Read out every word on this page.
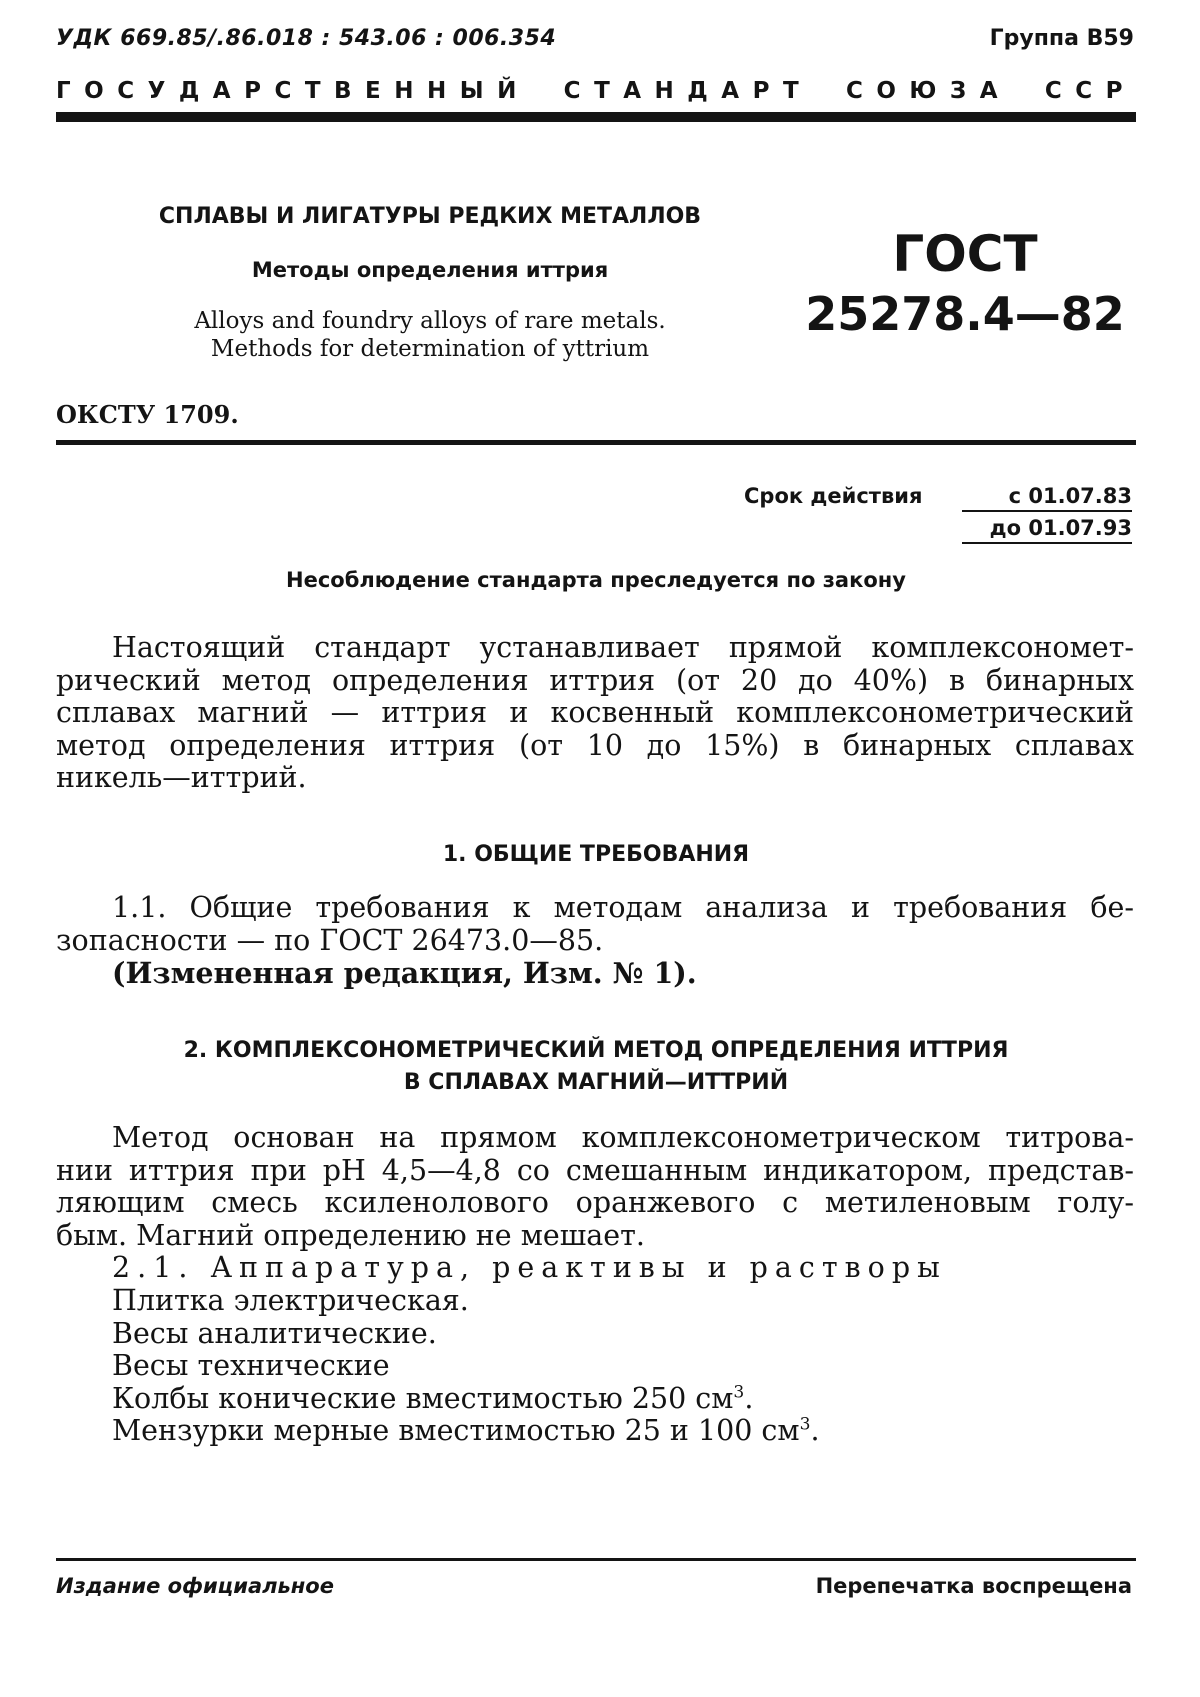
УДК 669.85/.86.018 : 543.06 : 006.354	Группа В59
ГОСУДАРСТВЕННЫЙ СТАНДАРТ СОЮЗА ССР
СПЛАВЫ И ЛИГАТУРЫ РЕДКИХ МЕТАЛЛОВ
Методы определения иттрия
Alloys and foundry alloys of rare metals.
Methods for determination of yttrium
ГОСТ
25278.4—82
ОКСТУ 1709.
Срок действия	с 01.07.83
до 01.07.93
Несоблюдение стандарта преследуется по закону
Настоящий стандарт устанавливает прямой комплексономет-
рический метод определения иттрия (от 20 до 40%) в бинарных
сплавах магний — иттрия и косвенный комплексонометрический
метод определения иттрия (от 10 до 15%) в бинарных сплавах
никель—иттрий.
1. ОБЩИЕ ТРЕБОВАНИЯ
1.1. Общие требования к методам анализа и требования бе-
зопасности — по ГОСТ 26473.0—85.
(Измененная редакция, Изм. № 1).
2. КОМПЛЕКСОНОМЕТРИЧЕСКИЙ МЕТОД ОПРЕДЕЛЕНИЯ ИТТРИЯ
В СПЛАВАХ МАГНИЙ—ИТТРИЙ
Метод основан на прямом комплексонометрическом титрова-
нии иттрия при pH 4,5—4,8 со смешанным индикатором, представ-
ляющим смесь ксиленолового оранжевого с метиленовым голу-
бым. Магний определению не мешает.
2.1. Аппаратура, реактивы и растворы
Плитка электрическая.
Весы аналитические.
Весы технические
Колбы конические вместимостью 250 $см^3$.
Мензурки мерные вместимостью 25 и 100 $см^3$.
Издание официальное	Перепечатка воспрещена
